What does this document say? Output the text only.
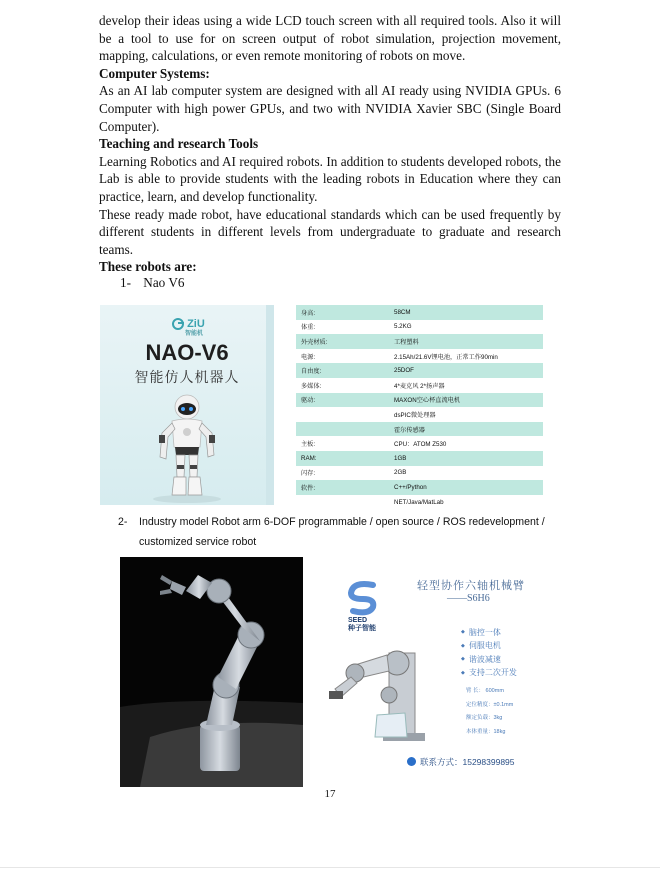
develop their ideas using a wide LCD touch screen with all required tools. Also it will be a tool to use for on screen output of robot simulation, projection movement, mapping, calculations, or even remote monitoring of robots on move.

Computer Systems:

As an AI lab computer system are designed with all AI ready using NVIDIA GPUs. 6 Computer with high power GPUs, and two with NVIDIA Xavier SBC (Single Board Computer).

Teaching and research Tools

Learning Robotics and AI required robots. In addition to students developed robots, the Lab is able to provide students with the leading robots in Education where they can practice, learn, and develop functionality.

These ready made robot, have educational standards which can be used frequently by different students in different levels from undergraduate to graduate and research teams.

These robots are:

1- Nao V6
ZiU
智能机
NAO-V6
智能仿人机器人
身高:	58CM
体重:	5.2KG
外壳材质:	工程塑料
电源:	2.15Ah/21.6V锂电池，正常工作90min
自由度:	25DOF
多媒体:	4*麦克风 2*扬声器
驱动:	MAXON空心杯直流电机
dsPIC微处理器
霍尔传感器
主板:	CPU：ATOM Z530
RAM:	1GB
闪存:	2GB
软件:	C++/Python
NET/Java/MatLab
2- Industry model Robot arm 6-DOF programmable / open source / ROS redevelopment / customized service robot
SEED
种子智能
轻型协作六轴机械臂
——S6H6
◆ 脑控一体
◆ 伺服电机
◆ 谐波减速
◆ 支持二次开发
臂 长： 600mm
定位精度：±0.1mm
额定负载：3kg
本体重量：18kg
联系方式：15298399895
17
